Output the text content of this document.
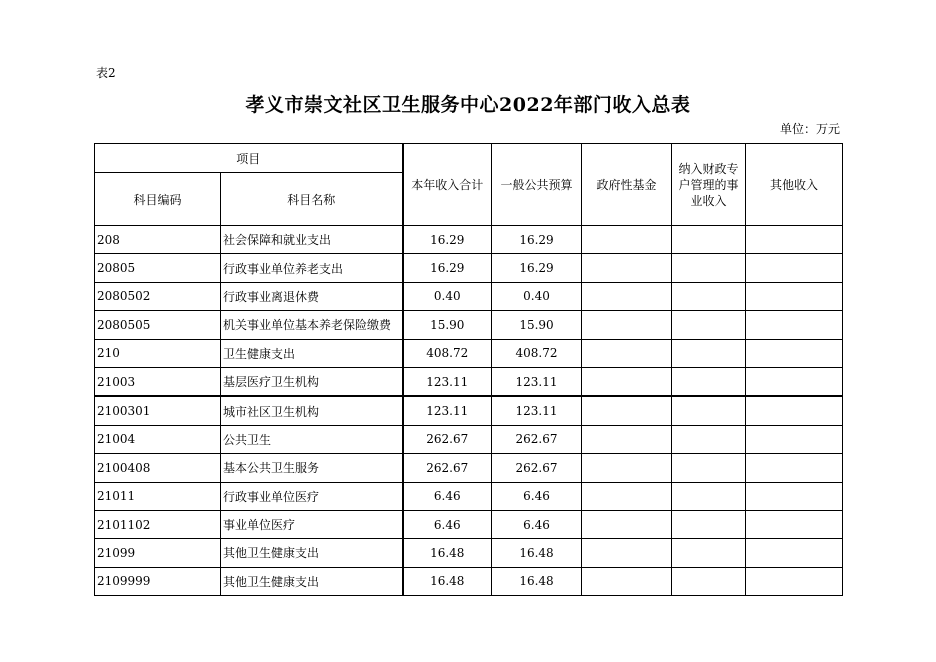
表2
孝义市崇文社区卫生服务中心2022年部门收入总表
单位：万元
项目		本年收入合计	一般公共预算	政府性基金	纳入财政专户管理的事业收入	其他收入
科目编码	科目名称					
208	社会保障和就业支出	16.29	16.29			
20805	行政事业单位养老支出	16.29	16.29			
2080502	行政事业离退休费	0.40	0.40			
2080505	机关事业单位基本养老保险缴费	15.90	15.90			
210	卫生健康支出	408.72	408.72			
21003	基层医疗卫生机构	123.11	123.11			
2100301	城市社区卫生机构	123.11	123.11			
21004	公共卫生	262.67	262.67			
2100408	基本公共卫生服务	262.67	262.67			
21011	行政事业单位医疗	6.46	6.46			
2101102	事业单位医疗	6.46	6.46			
21099	其他卫生健康支出	16.48	16.48			
2109999	其他卫生健康支出	16.48	16.48			
